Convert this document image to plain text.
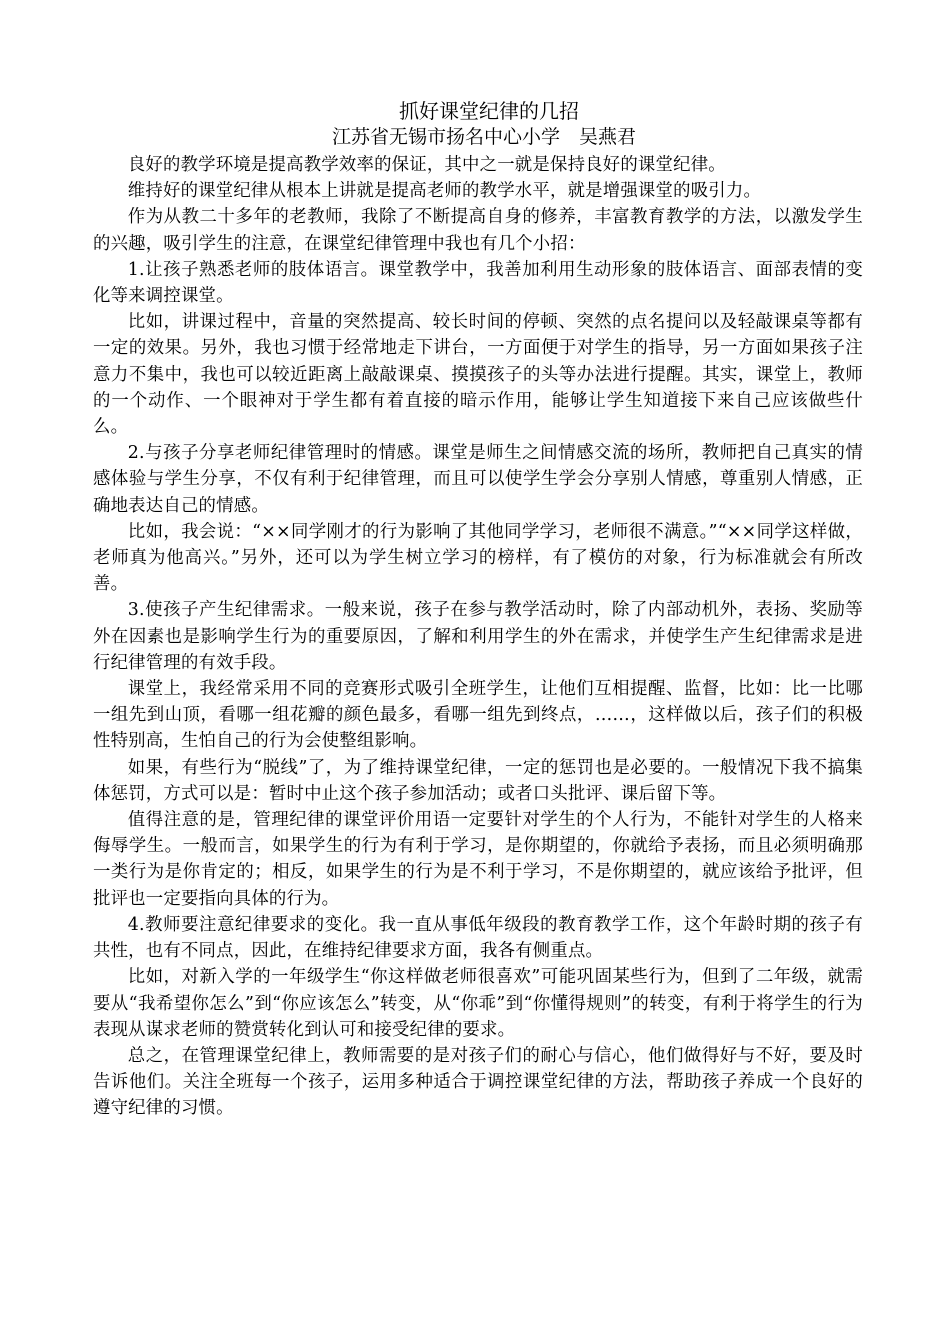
抓好课堂纪律的几招
江苏省无锡市扬名中心小学　吴燕君

良好的教学环境是提高教学效率的保证，其中之一就是保持良好的课堂纪律。

维持好的课堂纪律从根本上讲就是提高老师的教学水平，就是增强课堂的吸引力。

作为从教二十多年的老教师，我除了不断提高自身的修养，丰富教育教学的方法，以激发学生的兴趣，吸引学生的注意，在课堂纪律管理中我也有几个小招：

1.让孩子熟悉老师的肢体语言。课堂教学中，我善加利用生动形象的肢体语言、面部表情的变化等来调控课堂。

比如，讲课过程中，音量的突然提高、较长时间的停顿、突然的点名提问以及轻敲课桌等都有一定的效果。另外，我也习惯于经常地走下讲台，一方面便于对学生的指导，另一方面如果孩子注意力不集中，我也可以较近距离上敲敲课桌、摸摸孩子的头等办法进行提醒。其实，课堂上，教师的一个动作、一个眼神对于学生都有着直接的暗示作用，能够让学生知道接下来自己应该做些什么。

2.与孩子分享老师纪律管理时的情感。课堂是师生之间情感交流的场所，教师把自己真实的情感体验与学生分享，不仅有利于纪律管理，而且可以使学生学会分享别人情感，尊重别人情感，正确地表达自己的情感。

比如，我会说：“××同学刚才的行为影响了其他同学学习，老师很不满意。”“××同学这样做，老师真为他高兴。”另外，还可以为学生树立学习的榜样，有了模仿的对象，行为标准就会有所改善。

3.使孩子产生纪律需求。一般来说，孩子在参与教学活动时，除了内部动机外，表扬、奖励等外在因素也是影响学生行为的重要原因，了解和利用学生的外在需求，并使学生产生纪律需求是进行纪律管理的有效手段。

课堂上，我经常采用不同的竞赛形式吸引全班学生，让他们互相提醒、监督，比如：比一比哪一组先到山顶，看哪一组花瓣的颜色最多，看哪一组先到终点，……，这样做以后，孩子们的积极性特别高，生怕自己的行为会使整组影响。

如果，有些行为“脱线”了，为了维持课堂纪律，一定的惩罚也是必要的。一般情况下我不搞集体惩罚，方式可以是：暂时中止这个孩子参加活动；或者口头批评、课后留下等。

值得注意的是，管理纪律的课堂评价用语一定要针对学生的个人行为，不能针对学生的人格来侮辱学生。一般而言，如果学生的行为有利于学习，是你期望的，你就给予表扬，而且必须明确那一类行为是你肯定的；相反，如果学生的行为是不利于学习，不是你期望的，就应该给予批评，但批评也一定要指向具体的行为。

4.教师要注意纪律要求的变化。我一直从事低年级段的教育教学工作，这个年龄时期的孩子有共性，也有不同点，因此，在维持纪律要求方面，我各有侧重点。

比如，对新入学的一年级学生“你这样做老师很喜欢”可能巩固某些行为，但到了二年级，就需要从“我希望你怎么”到“你应该怎么”转变，从“你乖”到“你懂得规则”的转变，有利于将学生的行为表现从谋求老师的赞赏转化到认可和接受纪律的要求。

总之，在管理课堂纪律上，教师需要的是对孩子们的耐心与信心，他们做得好与不好，要及时告诉他们。关注全班每一个孩子，运用多种适合于调控课堂纪律的方法，帮助孩子养成一个良好的遵守纪律的习惯。
